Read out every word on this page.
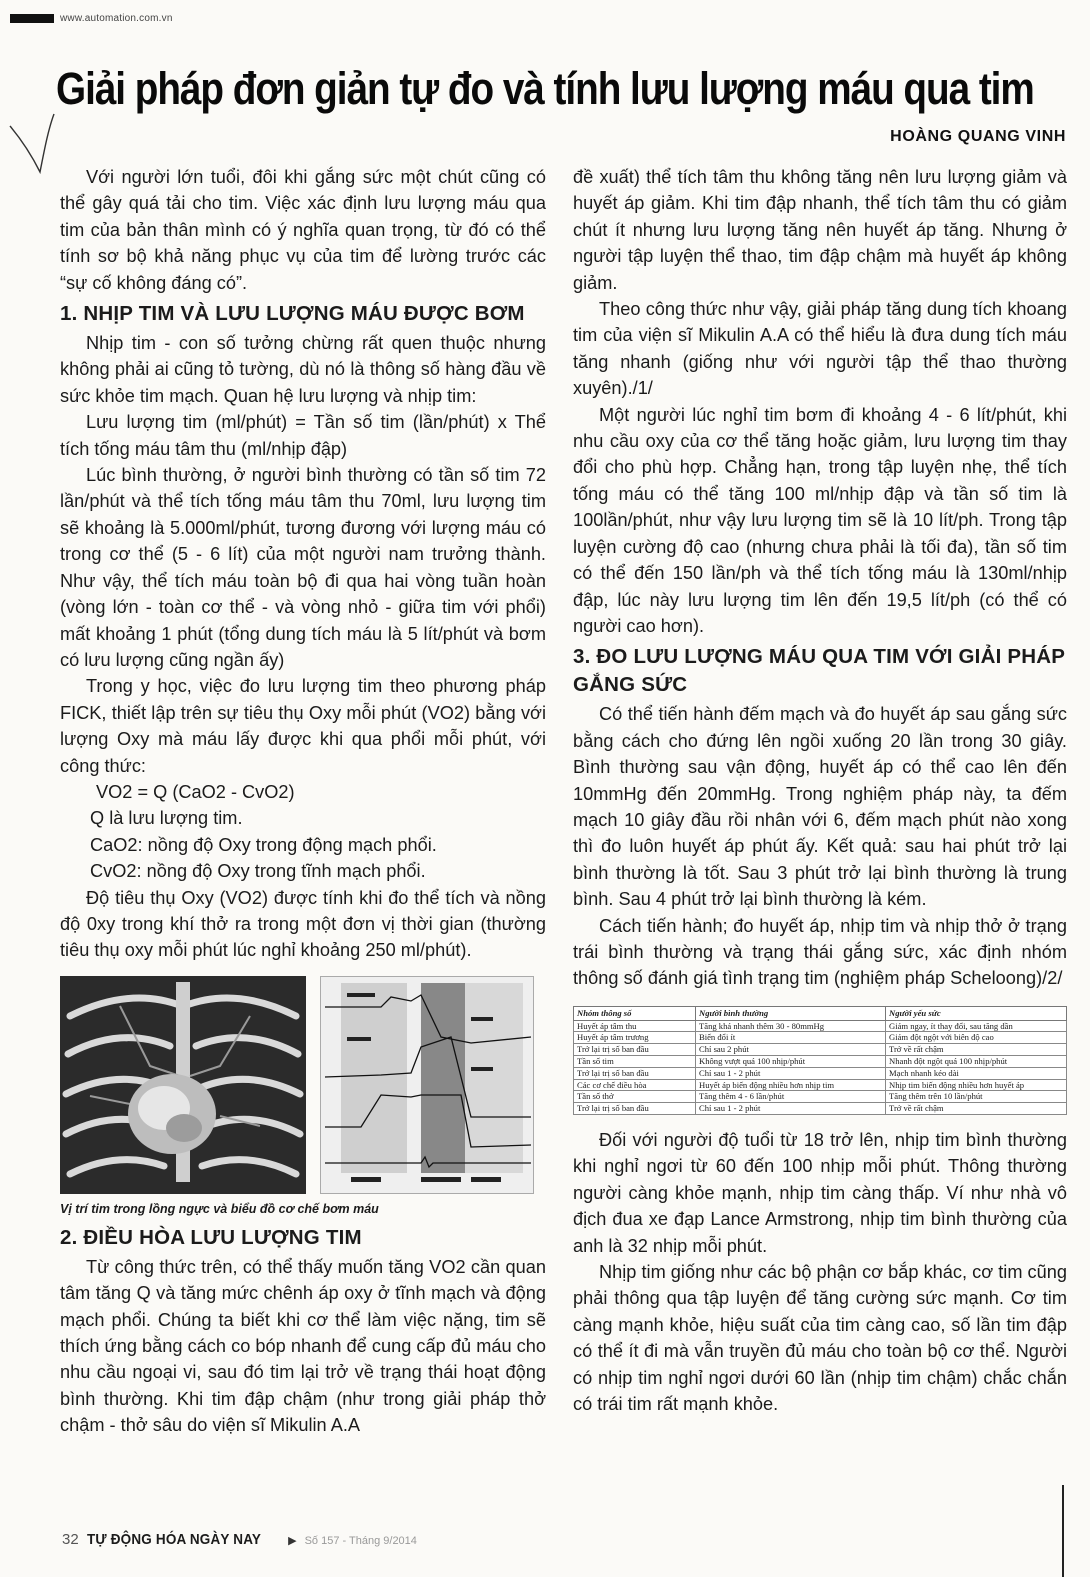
www.automation.com.vn
Giải pháp đơn giản tự đo và tính lưu lượng máu qua tim
HOÀNG QUANG VINH

Với người lớn tuổi, đôi khi gắng sức một chút cũng có thể gây quá tải cho tim. Việc xác định lưu lượng máu qua tim của bản thân mình có ý nghĩa quan trọng, từ đó có thể tính sơ bộ khả năng phục vụ của tim để lường trước các “sự cố không đáng có”.

1. NHỊP TIM VÀ LƯU LƯỢNG MÁU ĐƯỢC BƠM

Nhịp tim - con số tưởng chừng rất quen thuộc nhưng không phải ai cũng tỏ tường, dù nó là thông số hàng đầu về sức khỏe tim mạch. Quan hệ lưu lượng và nhịp tim:

Lưu lượng tim (ml/phút) = Tần số tim (lần/phút) x Thể tích tống máu tâm thu (ml/nhịp đập)

Lúc bình thường, ở người bình thường có tần số tim 72 lần/phút và thể tích tống máu tâm thu 70ml, lưu lượng tim sẽ khoảng là 5.000ml/phút, tương đương với lượng máu có trong cơ thể (5 - 6 lít) của một người nam trưởng thành. Như vậy, thể tích máu toàn bộ đi qua hai vòng tuần hoàn (vòng lớn - toàn cơ thể - và vòng nhỏ - giữa tim với phổi) mất khoảng 1 phút (tổng dung tích máu là 5 lít/phút và bơm có lưu lượng cũng ngần ấy)

Trong y học, việc đo lưu lượng tim theo phương pháp FICK, thiết lập trên sự tiêu thụ Oxy mỗi phút (VO2) bằng với lượng Oxy mà máu lấy được khi qua phổi mỗi phút, với công thức:

VO2 = Q (CaO2 - CvO2)

Q là lưu lượng tim.

CaO2: nồng độ Oxy trong động mạch phổi.

CvO2: nồng độ Oxy trong tĩnh mạch phổi.

Độ tiêu thụ Oxy (VO2) được tính khi đo thể tích và nồng độ 0xy trong khí thở ra trong một đơn vị thời gian (thường tiêu thụ oxy mỗi phút lúc nghỉ khoảng 250 ml/phút).

Vị trí tim trong lồng ngực và biểu đồ cơ chế bơm máu

2. ĐIỀU HÒA LƯU LƯỢNG TIM

Từ công thức trên, có thể thấy muốn tăng VO2 cần quan tâm tăng Q và tăng mức chênh áp oxy ở tĩnh mạch và động mạch phổi. Chúng ta biết khi cơ thể làm việc nặng, tim sẽ thích ứng bằng cách co bóp nhanh để cung cấp đủ máu cho nhu cầu ngoại vi, sau đó tim lại trở về trạng thái hoạt động bình thường. Khi tim đập chậm (như trong giải pháp thở chậm - thở sâu do viện sĩ Mikulin A.A

đề xuất) thể tích tâm thu không tăng nên lưu lượng giảm và huyết áp giảm. Khi tim đập nhanh, thể tích tâm thu có giảm chút ít nhưng lưu lượng tăng nên huyết áp tăng. Nhưng ở người tập luyện thể thao, tim đập chậm mà huyết áp không giảm.

Theo công thức như vậy, giải pháp tăng dung tích khoang tim của viện sĩ Mikulin A.A có thể hiểu là đưa dung tích máu tăng nhanh (giống như với người tập thể thao thường xuyên)./1/

Một người lúc nghỉ tim bơm đi khoảng 4 - 6 lít/phút, khi nhu cầu oxy của cơ thể tăng hoặc giảm, lưu lượng tim thay đổi cho phù hợp. Chẳng hạn, trong tập luyện nhẹ, thể tích tống máu có thể tăng 100 ml/nhịp đập và tần số tim là 100lần/phút, như vậy lưu lượng tim sẽ là 10 lít/ph. Trong tập luyện cường độ cao (nhưng chưa phải là tối đa), tần số tim có thể đến 150 lần/ph và thể tích tống máu là 130ml/nhịp đập, lúc này lưu lượng tim lên đến 19,5 lít/ph (có thể có người cao hơn).

3. ĐO LƯU LƯỢNG MÁU QUA TIM VỚI GIẢI PHÁP GẮNG SỨC

Có thể tiến hành đếm mạch và đo huyết áp sau gắng sức bằng cách cho đứng lên ngồi xuống 20 lần trong 30 giây. Bình thường sau vận động, huyết áp có thể cao lên đến 10mmHg đến 20mmHg. Trong nghiệm pháp này, ta đếm mạch 10 giây đầu rồi nhân với 6, đếm mạch phút nào xong thì đo luôn huyết áp phút ấy. Kết quả: sau hai phút trở lại bình thường là tốt. Sau 3 phút trở lại bình thường là trung bình. Sau 4 phút trở lại bình thường là kém.

Cách tiến hành; đo huyết áp, nhịp tim và nhịp thở ở trạng trái bình thường và trạng thái gắng sức, xác định nhóm thông số đánh giá tình trạng tim (nghiệm pháp Scheloong)/2/

Nhóm thông số	Người bình thường	Người yếu sức
Huyết áp tâm thu	Tăng khá nhanh thêm 30 - 80mmHg	Giảm ngay, ít thay đổi, sau tăng dần
Huyết áp tâm trương	Biến đổi ít	Giảm đột ngột với biên độ cao
Trở lại trị số ban đầu	Chỉ sau 2 phút	Trở về rất chậm
Tần số tim	Không vượt quá 100 nhịp/phút	Nhanh đột ngột quá 100 nhịp/phút
Trở lại trị số ban đầu	Chỉ sau 1 - 2 phút	Mạch nhanh kéo dài
Các cơ chế điều hòa	Huyết áp biến động nhiều hơn nhịp tim	Nhịp tim biến động nhiều hơn huyết áp
Tần số thở	Tăng thêm 4 - 6 lần/phút	Tăng thêm trên 10 lần/phút
Trở lại trị số ban đầu	Chỉ sau 1 - 2 phút	Trở về rất chậm

Đối với người độ tuổi từ 18 trở lên, nhịp tim bình thường khi nghỉ ngơi từ 60 đến 100 nhịp mỗi phút. Thông thường người càng khỏe mạnh, nhịp tim càng thấp. Ví như nhà vô địch đua xe đạp Lance Armstrong, nhịp tim bình thường của anh là 32 nhịp mỗi phút.

Nhịp tim giống như các bộ phận cơ bắp khác, cơ tim cũng phải thông qua tập luyện để tăng cường sức mạnh. Cơ tim càng mạnh khỏe, hiệu suất của tim càng cao, số lần tim đập có thể ít đi mà vẫn truyền đủ máu cho toàn bộ cơ thể. Người có nhịp tim nghỉ ngơi dưới 60 lần (nhịp tim chậm) chắc chắn có trái tim rất mạnh khỏe.

32 TỰ ĐỘNG HÓA NGÀY NAY ▶ Số 157 - Tháng 9/2014
